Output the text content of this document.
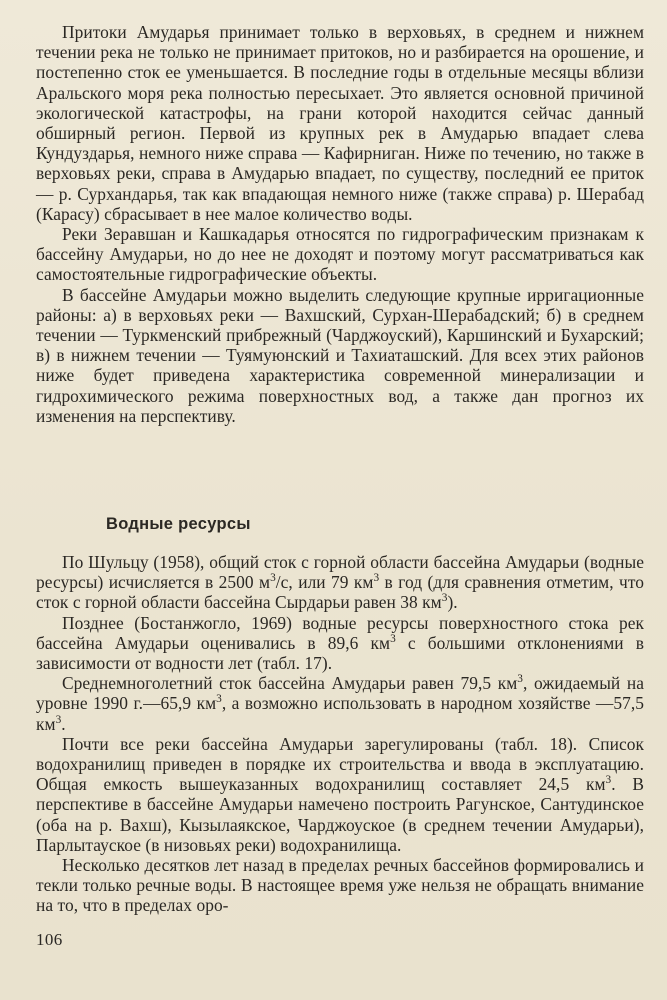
Притоки Амударья принимает только в верховьях, в среднем и нижнем течении река не только не принимает притоков, но и разбирается на орошение, и постепенно сток ее уменьшается. В последние годы в отдельные месяцы вблизи Аральского моря река полностью пересыхает. Это является основной причиной экологической катастрофы, на грани которой находится сейчас данный обширный регион. Первой из крупных рек в Амударью впадает слева Кундуздарья, немного ниже справа — Кафирниган. Ниже по течению, но также в верховьях реки, справа в Амударью впадает, по существу, последний ее приток — р. Сурхандарья, так как впадающая немного ниже (также справа) р. Шерабад (Карасу) сбрасывает в нее малое количество воды.

Реки Зеравшан и Кашкадарья относятся по гидрографическим признакам к бассейну Амударьи, но до нее не доходят и поэтому могут рассматриваться как самостоятельные гидрографические объекты.

В бассейне Амударьи можно выделить следующие крупные ирригационные районы: а) в верховьях реки — Вахшский, Сурхан-Шерабадский; б) в среднем течении — Туркменский прибрежный (Чарджоуский), Каршинский и Бухарский; в) в нижнем течении — Туямуюнский и Тахиаташский. Для всех этих районов ниже будет приведена характеристика современной минерализации и гидрохимического режима поверхностных вод, а также дан прогноз их изменения на перспективу.

Водные ресурсы

По Шульцу (1958), общий сток с горной области бассейна Амударьи (водные ресурсы) исчисляется в 2500 $м^3/с$, или 79 $км^3$ в год (для сравнения отметим, что сток с горной области бассейна Сырдарьи равен 38 $км^3$).

Позднее (Бостанжогло, 1969) водные ресурсы поверхностного стока рек бассейна Амударьи оценивались в 89,6 $км^3$ с большими отклонениями в зависимости от водности лет (табл. 17).

Среднемноголетний сток бассейна Амударьи равен 79,5 $км^3$, ожидаемый на уровне 1990 г.—65,9 $км^3$, а возможно использовать в народном хозяйстве —57,5 $км^3$.

Почти все реки бассейна Амударьи зарегулированы (табл. 18). Список водохранилищ приведен в порядке их строительства и ввода в эксплуатацию. Общая емкость вышеуказанных водохранилищ составляет 24,5 $км^3$. В перспективе в бассейне Амударьи намечено построить Рагунское, Сантудинское (оба на р. Вахш), Кызылаякское, Чарджоуское (в среднем течении Амударьи), Парлытауское (в низовьях реки) водохранилища.

Несколько десятков лет назад в пределах речных бассейнов формировались и текли только речные воды. В настоящее время уже нельзя не обращать внимание на то, что в пределах оро-

106
